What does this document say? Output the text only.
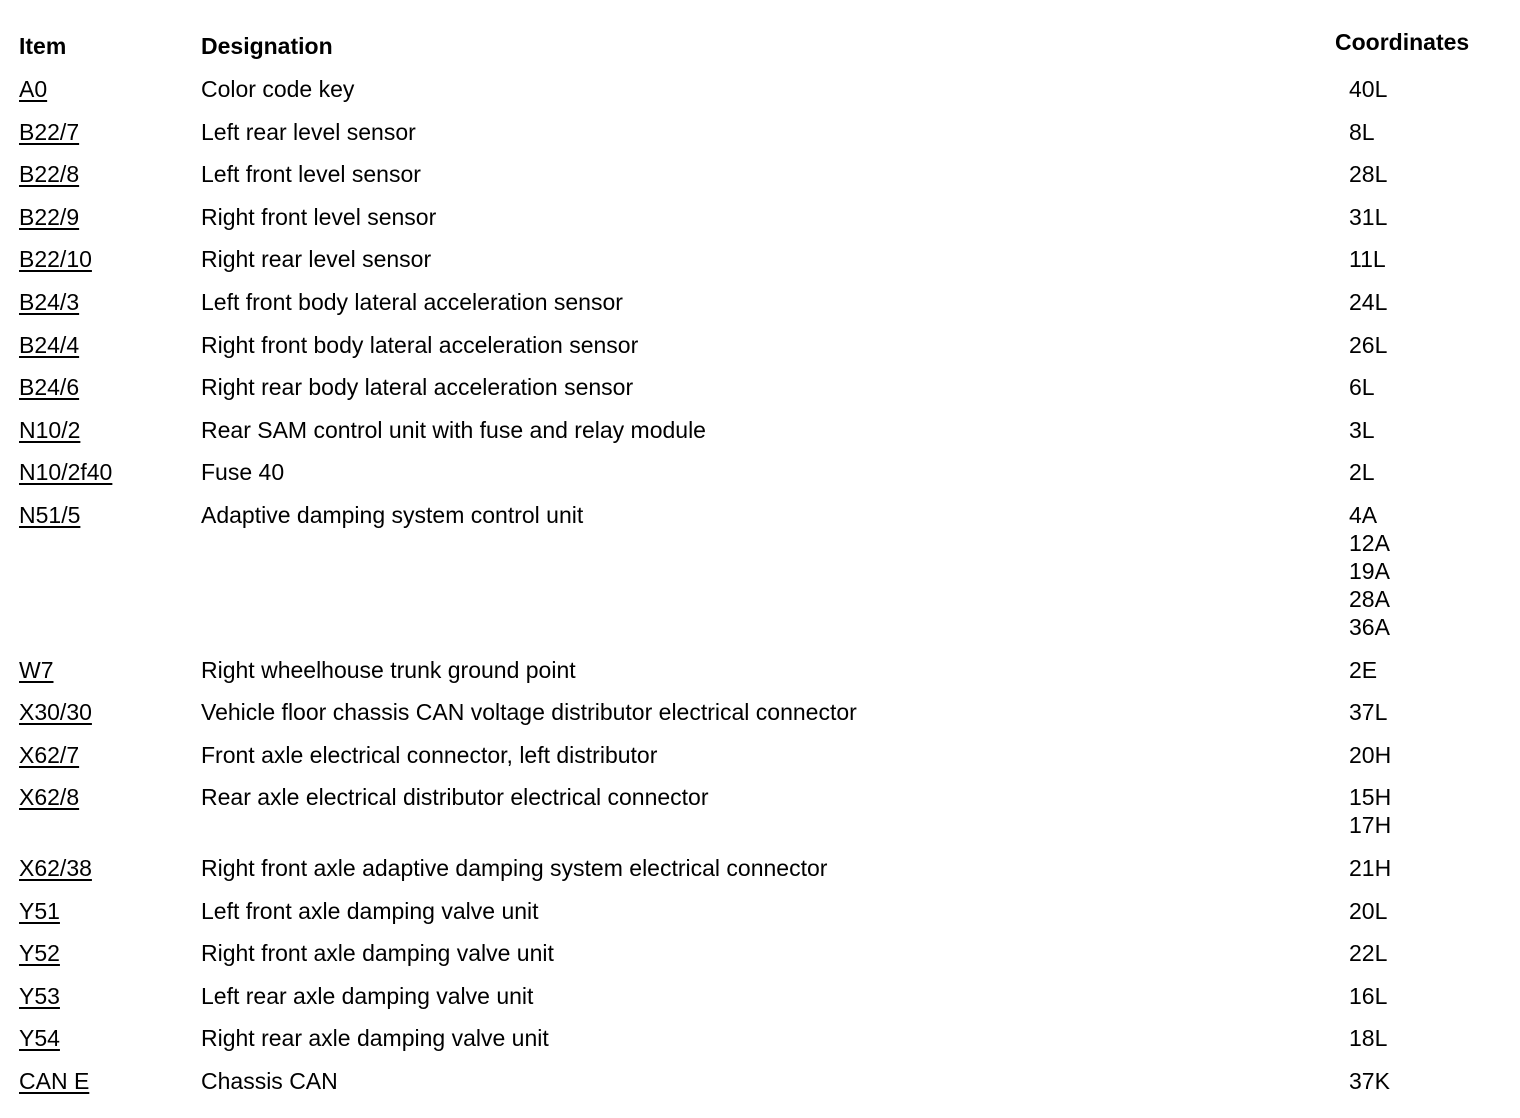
Item	Designation	Coordinates
A0	Color code key	40L
B22/7	Left rear level sensor	8L
B22/8	Left front level sensor	28L
B22/9	Right front level sensor	31L
B22/10	Right rear level sensor	11L
B24/3	Left front body lateral acceleration sensor	24L
B24/4	Right front body lateral acceleration sensor	26L
B24/6	Right rear body lateral acceleration sensor	6L
N10/2	Rear SAM control unit with fuse and relay module	3L
N10/2f40	Fuse 40	2L
N51/5	Adaptive damping system control unit	4A
12A
19A
28A
36A
W7	Right wheelhouse trunk ground point	2E
X30/30	Vehicle floor chassis CAN voltage distributor electrical connector	37L
X62/7	Front axle electrical connector, left distributor	20H
X62/8	Rear axle electrical distributor electrical connector	15H
17H
X62/38	Right front axle adaptive damping system electrical connector	21H
Y51	Left front axle damping valve unit	20L
Y52	Right front axle damping valve unit	22L
Y53	Left rear axle damping valve unit	16L
Y54	Right rear axle damping valve unit	18L
CAN E	Chassis CAN	37K
